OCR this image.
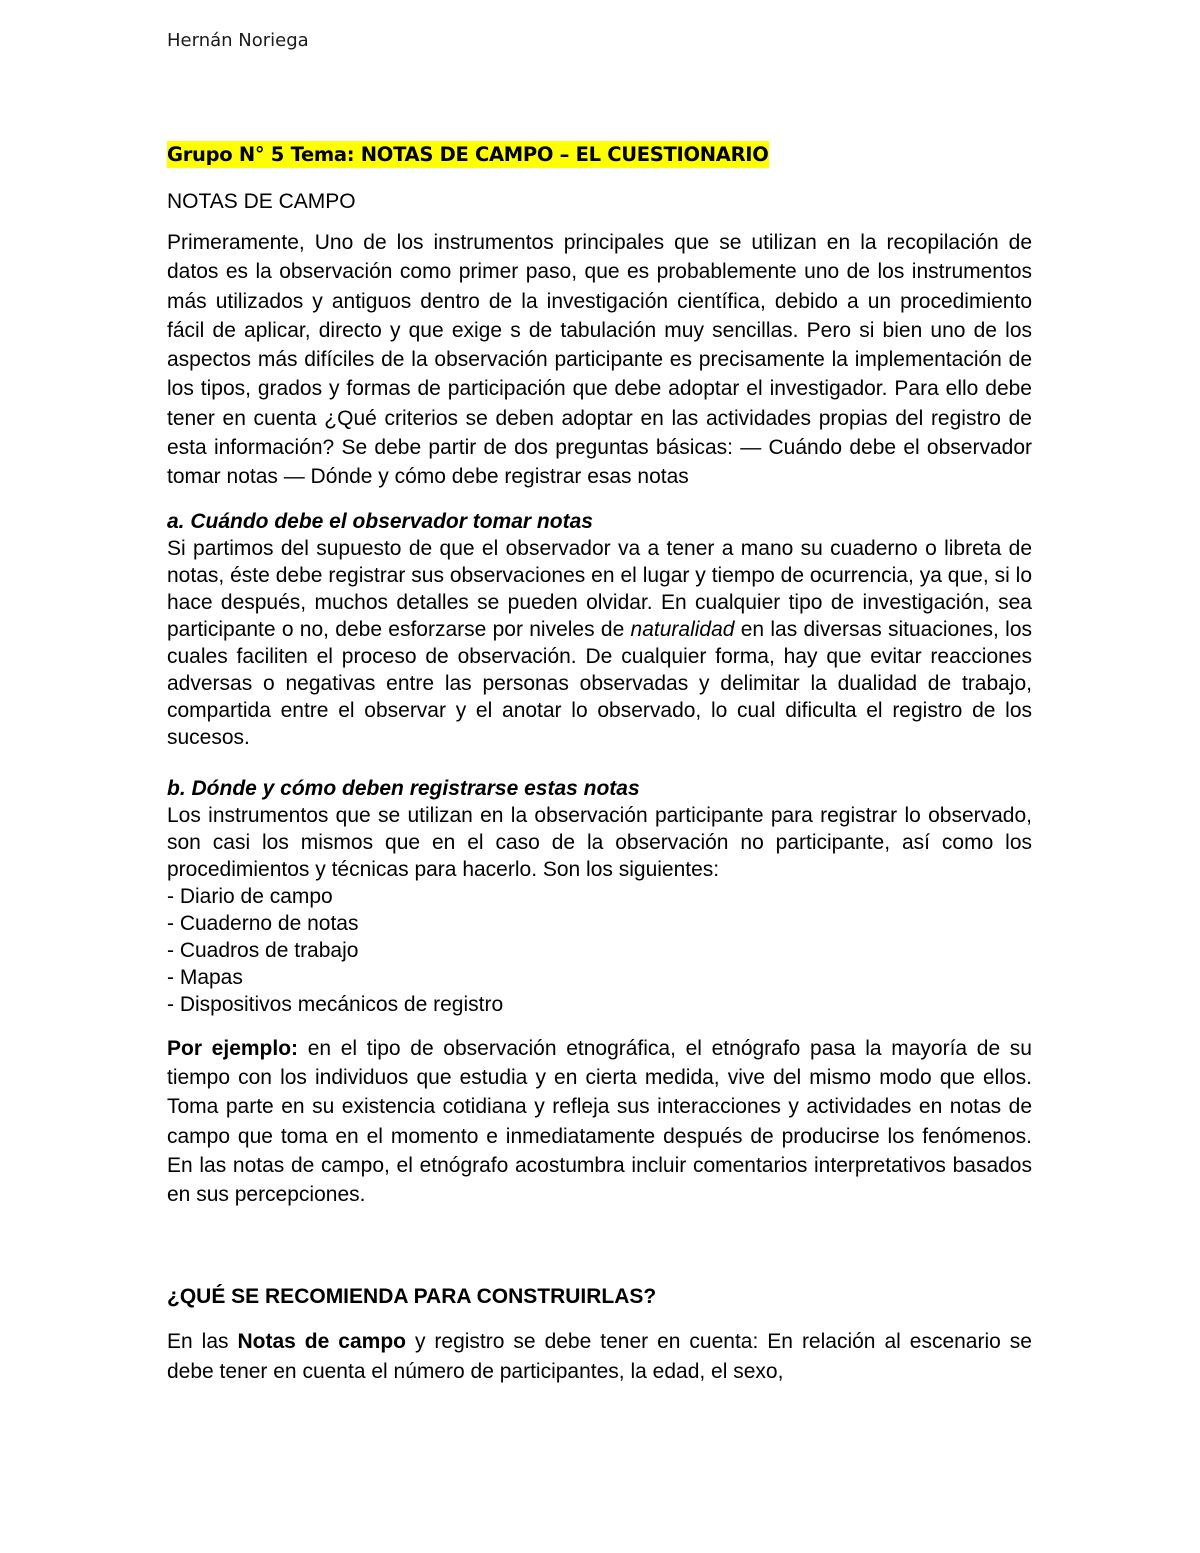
Hernán Noriega
Grupo N° 5 Tema: NOTAS DE CAMPO – EL CUESTIONARIO
NOTAS DE CAMPO

Primeramente, Uno de los instrumentos principales que se utilizan en la recopilación de datos es la observación como primer paso, que es probablemente uno de los instrumentos más utilizados y antiguos dentro de la investigación científica, debido a un procedimiento fácil de aplicar, directo y que exige s de tabulación muy sencillas. Pero si bien uno de los aspectos más difíciles de la observación participante es precisamente la implementación de los tipos, grados y formas de participación que debe adoptar el investigador. Para ello debe tener en cuenta ¿Qué criterios se deben adoptar en las actividades propias del registro de esta información? Se debe partir de dos preguntas básicas: — Cuándo debe el observador tomar notas — Dónde y cómo debe registrar esas notas

a. Cuándo debe el observador tomar notas

Si partimos del supuesto de que el observador va a tener a mano su cuaderno o libreta de notas, éste debe registrar sus observaciones en el lugar y tiempo de ocurrencia, ya que, si lo hace después, muchos detalles se pueden olvidar. En cualquier tipo de investigación, sea participante o no, debe esforzarse por niveles de naturalidad en las diversas situaciones, los cuales faciliten el proceso de observación. De cualquier forma, hay que evitar reacciones adversas o negativas entre las personas observadas y delimitar la dualidad de trabajo, compartida entre el observar y el anotar lo observado, lo cual dificulta el registro de los sucesos.

b. Dónde y cómo deben registrarse estas notas

Los instrumentos que se utilizan en la observación participante para registrar lo observado, son casi los mismos que en el caso de la observación no participante, así como los procedimientos y técnicas para hacerlo. Son los siguientes:

- Diario de campo
- Cuaderno de notas
- Cuadros de trabajo
- Mapas
- Dispositivos mecánicos de registro

Por ejemplo: en el tipo de observación etnográfica, el etnógrafo pasa la mayoría de su tiempo con los individuos que estudia y en cierta medida, vive del mismo modo que ellos. Toma parte en su existencia cotidiana y refleja sus interacciones y actividades en notas de campo que toma en el momento e inmediatamente después de producirse los fenómenos. En las notas de campo, el etnógrafo acostumbra incluir comentarios interpretativos basados en sus percepciones.

¿QUÉ SE RECOMIENDA PARA CONSTRUIRLAS?

En las Notas de campo y registro se debe tener en cuenta: En relación al escenario se debe tener en cuenta el número de participantes, la edad, el sexo,
